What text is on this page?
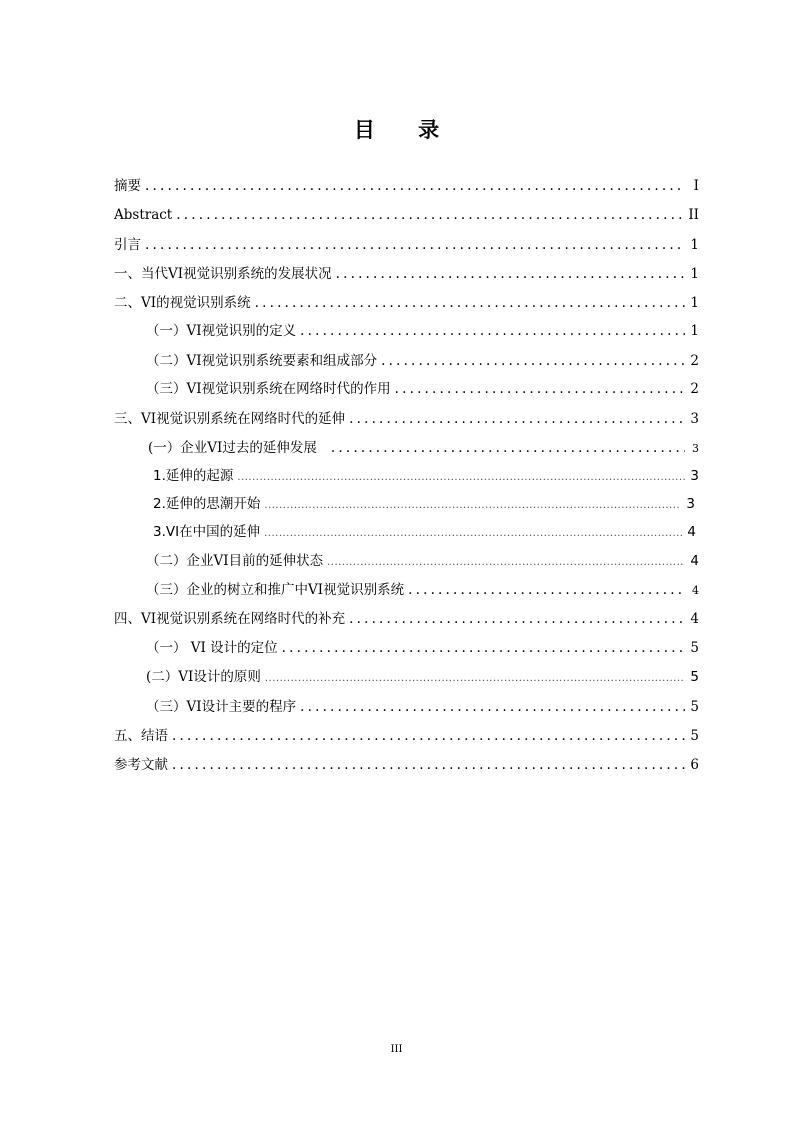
目 录
摘要 .....	I
Abstract .....	II
引言 .....	1
一、当代VI视觉识别系统的发展状况 .....	1
二、VI的视觉识别系统 .....	1
（一）VI视觉识别的定义 .....	1
（二）VI视觉识别系统要素和组成部分 .....	2
（三）VI视觉识别系统在网络时代的作用 .....	2
三、VI视觉识别系统在网络时代的延伸 .....	3
(一）企业VI过去的延伸发展 .....	3
1.延伸的起源 .....	3
2.延伸的思潮开始 .....	3
3.VI在中国的延伸 .....	4
（二）企业VI目前的延伸状态 .....	4
（三）企业的树立和推广中VI视觉识别系统 .....	4
四、VI视觉识别系统在网络时代的补充 .....	4
（一） VI 设计的定位 .....	5
(二）VI设计的原则 .....	5
（三）VI设计主要的程序 .....	5
五、结语 .....	5
参考文献 .....	6
III
